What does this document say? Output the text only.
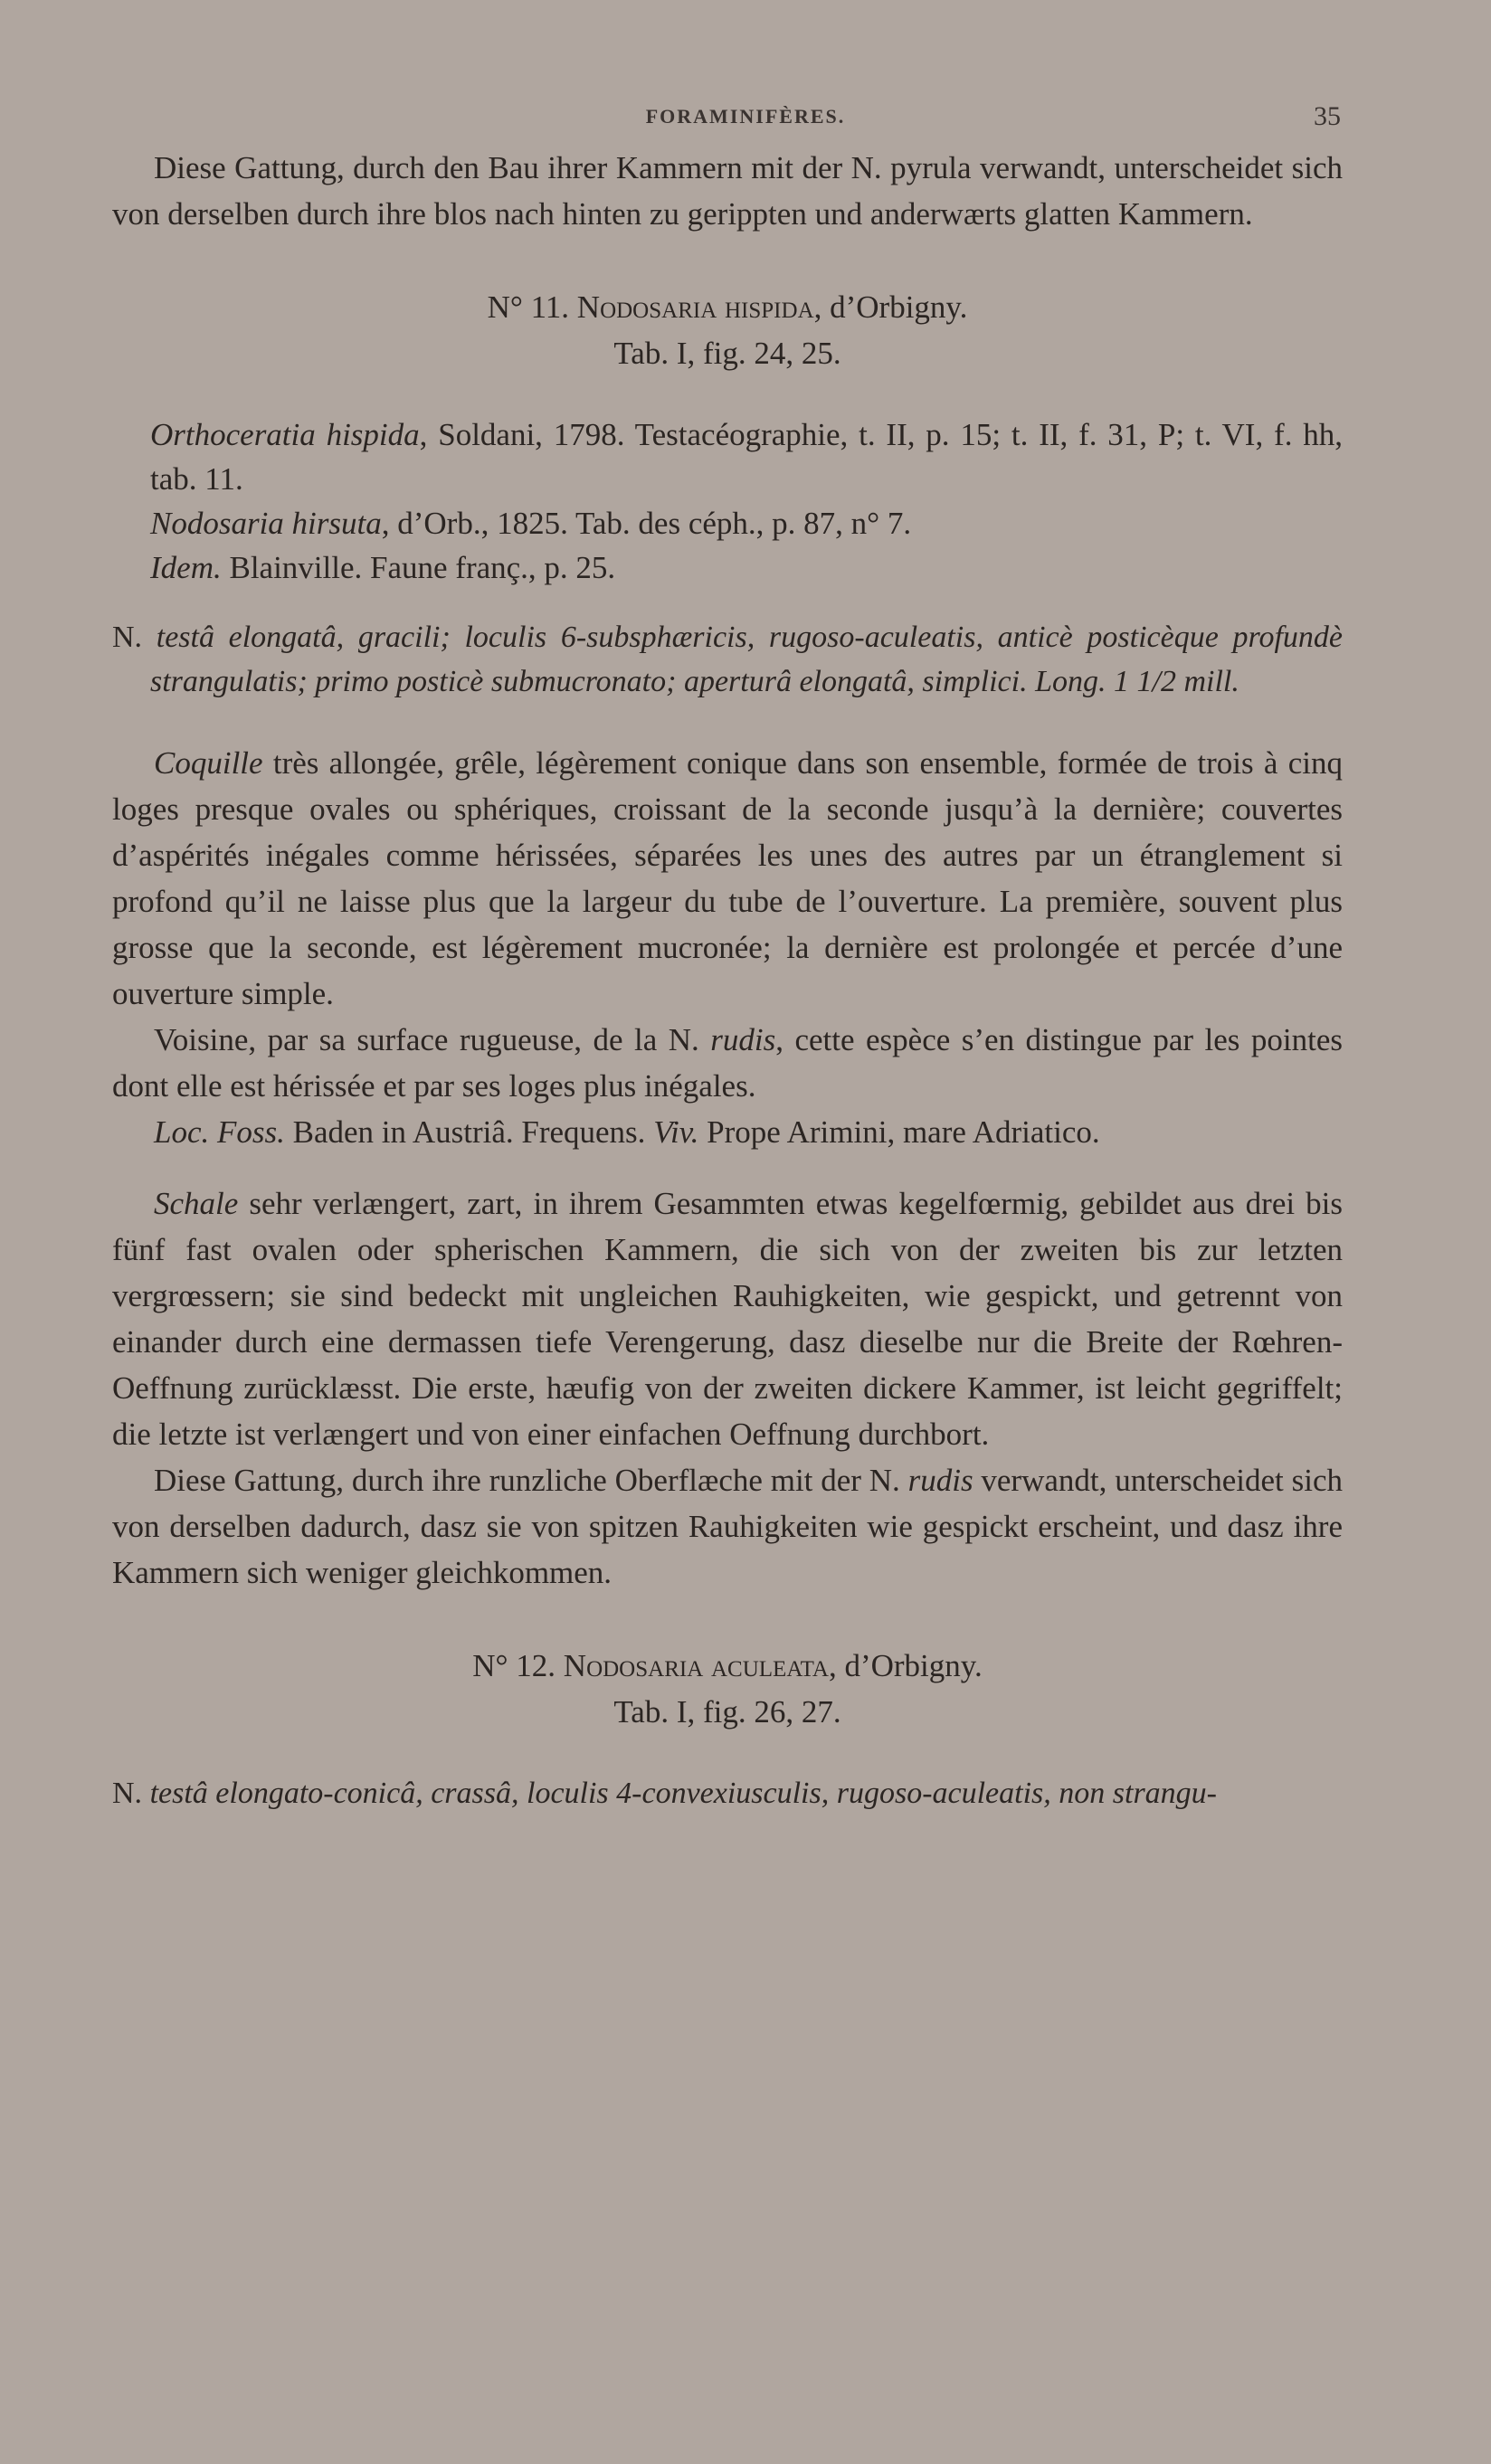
FORAMINIFÈRES.	35

Diese Gattung, durch den Bau ihrer Kammern mit der N. pyrula verwandt, unterscheidet sich von derselben durch ihre blos nach hinten zu gerippten und anderwærts glatten Kammern.

N° 11. Nodosaria hispida, d’Orbigny.

Tab. I, fig. 24, 25.

Orthoceratia hispida, Soldani, 1798. Testacéographie, t. II, p. 15; t. II, f. 31, P; t. VI, f. hh, tab. 11.

Nodosaria hirsuta, d’Orb., 1825. Tab. des céph., p. 87, n° 7.

Idem. Blainville. Faune franç., p. 25.

N. testâ elongatâ, gracili; loculis 6-subsphæricis, rugoso-aculeatis, anticè posticèque profundè strangulatis; primo posticè submucronato; aperturâ elongatâ, simplici. Long. 1 1/2 mill.

Coquille très allongée, grêle, légèrement conique dans son ensemble, formée de trois à cinq loges presque ovales ou sphériques, croissant de la seconde jusqu’à la dernière; couvertes d’aspérités inégales comme hérissées, séparées les unes des autres par un étranglement si profond qu’il ne laisse plus que la largeur du tube de l’ouverture. La première, souvent plus grosse que la seconde, est légèrement mucronée; la dernière est prolongée et percée d’une ouverture simple.

Voisine, par sa surface rugueuse, de la N. rudis, cette espèce s’en distingue par les pointes dont elle est hérissée et par ses loges plus inégales.

Loc. Foss. Baden in Austriâ. Frequens. Viv. Prope Arimini, mare Adriatico.

Schale sehr verlængert, zart, in ihrem Gesammten etwas kegelfœrmig, gebildet aus drei bis fünf fast ovalen oder spherischen Kammern, die sich von der zweiten bis zur letzten vergrœssern; sie sind bedeckt mit ungleichen Rauhigkeiten, wie gespickt, und getrennt von einander durch eine dermassen tiefe Verengerung, dasz dieselbe nur die Breite der Rœhren-Oeffnung zurücklæsst. Die erste, hæufig von der zweiten dickere Kammer, ist leicht gegriffelt; die letzte ist verlængert und von einer einfachen Oeffnung durchbort.

Diese Gattung, durch ihre runzliche Oberflæche mit der N. rudis verwandt, unterscheidet sich von derselben dadurch, dasz sie von spitzen Rauhigkeiten wie gespickt erscheint, und dasz ihre Kammern sich weniger gleichkommen.

N° 12. Nodosaria aculeata, d’Orbigny.

Tab. I, fig. 26, 27.

N. testâ elongato-conicâ, crassâ, loculis 4-convexiusculis, rugoso-aculeatis, non strangu-
